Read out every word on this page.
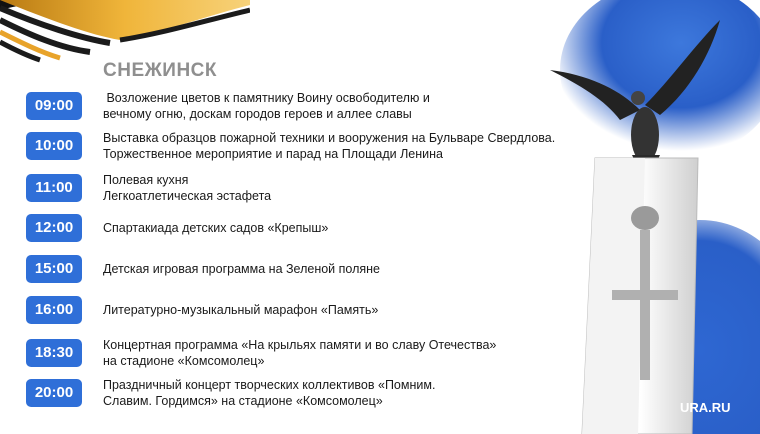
СНЕЖИНСК
09:00	Возложение цветов к памятнику Воину освободителю и
вечному огню, доскам городов героев и аллее славы
10:00	Выставка образцов пожарной техники и вооружения на Бульваре Свердлова.
Торжественное мероприятие и парад на Площади Ленина
11:00	Полевая кухня
Легкоатлетическая эстафета
12:00	Спартакиада детских садов «Крепыш»
15:00	Детская игровая программа на Зеленой поляне
16:00	Литературно-музыкальный марафон «Память»
18:30	Концертная программа «На крыльях памяти и во славу Отечества»
на стадионе «Комсомолец»
20:00	Праздничный концерт творческих коллективов «Помним.
Славим. Гордимся» на стадионе «Комсомолец»	URA.RU
